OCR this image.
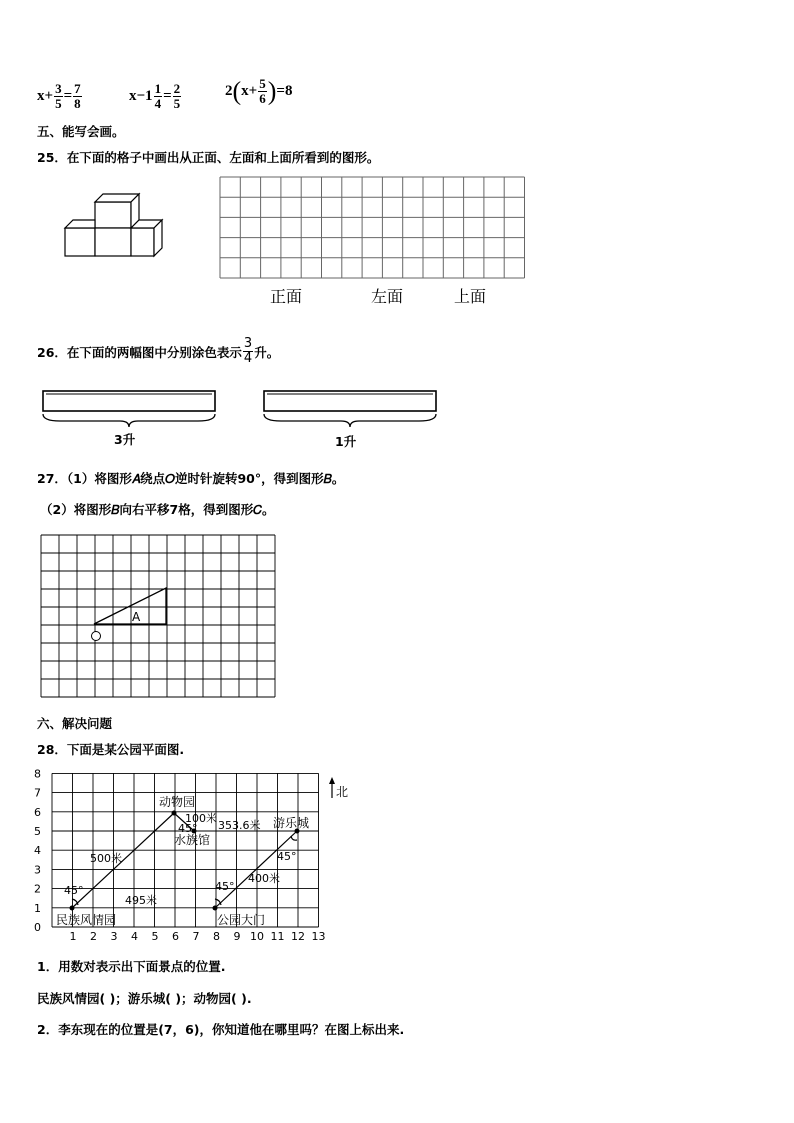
$x+ \frac{3}{5} = \frac{7}{8}$	$x-1 \frac{1}{4} = \frac{2}{5}$	$2(x+ \frac{5}{6} )=8$
五、能写会画。
25．在下面的格子中画出从正面、左面和上面所看到的图形。
正面	左面	上面
26．在下面的两幅图中分别涂色表示 $\frac{3}{4}$ 升。
3升	1升
27．（1）将图形𝐴绕点𝑂逆时针旋转90°，得到图形𝐵。
（2）将图形𝐵向右平移7格，得到图形𝐶。
A
六、解决问题
28．下面是某公园平面图.
0
1
2
3
4
5
6
7
8
1 2 3 4 5 6 7 8 9 10 11 12 13
动物园
水族馆
游乐城
民族风情园	公园大门
500米
495米
100米
353.6米
400米
45°
45°
45°
45°
北
1．用数对表示出下面景点的位置.
民族风情园( )；游乐城( )；动物园( ).
2．李东现在的位置是(7，6)，你知道他在哪里吗？在图上标出来.
